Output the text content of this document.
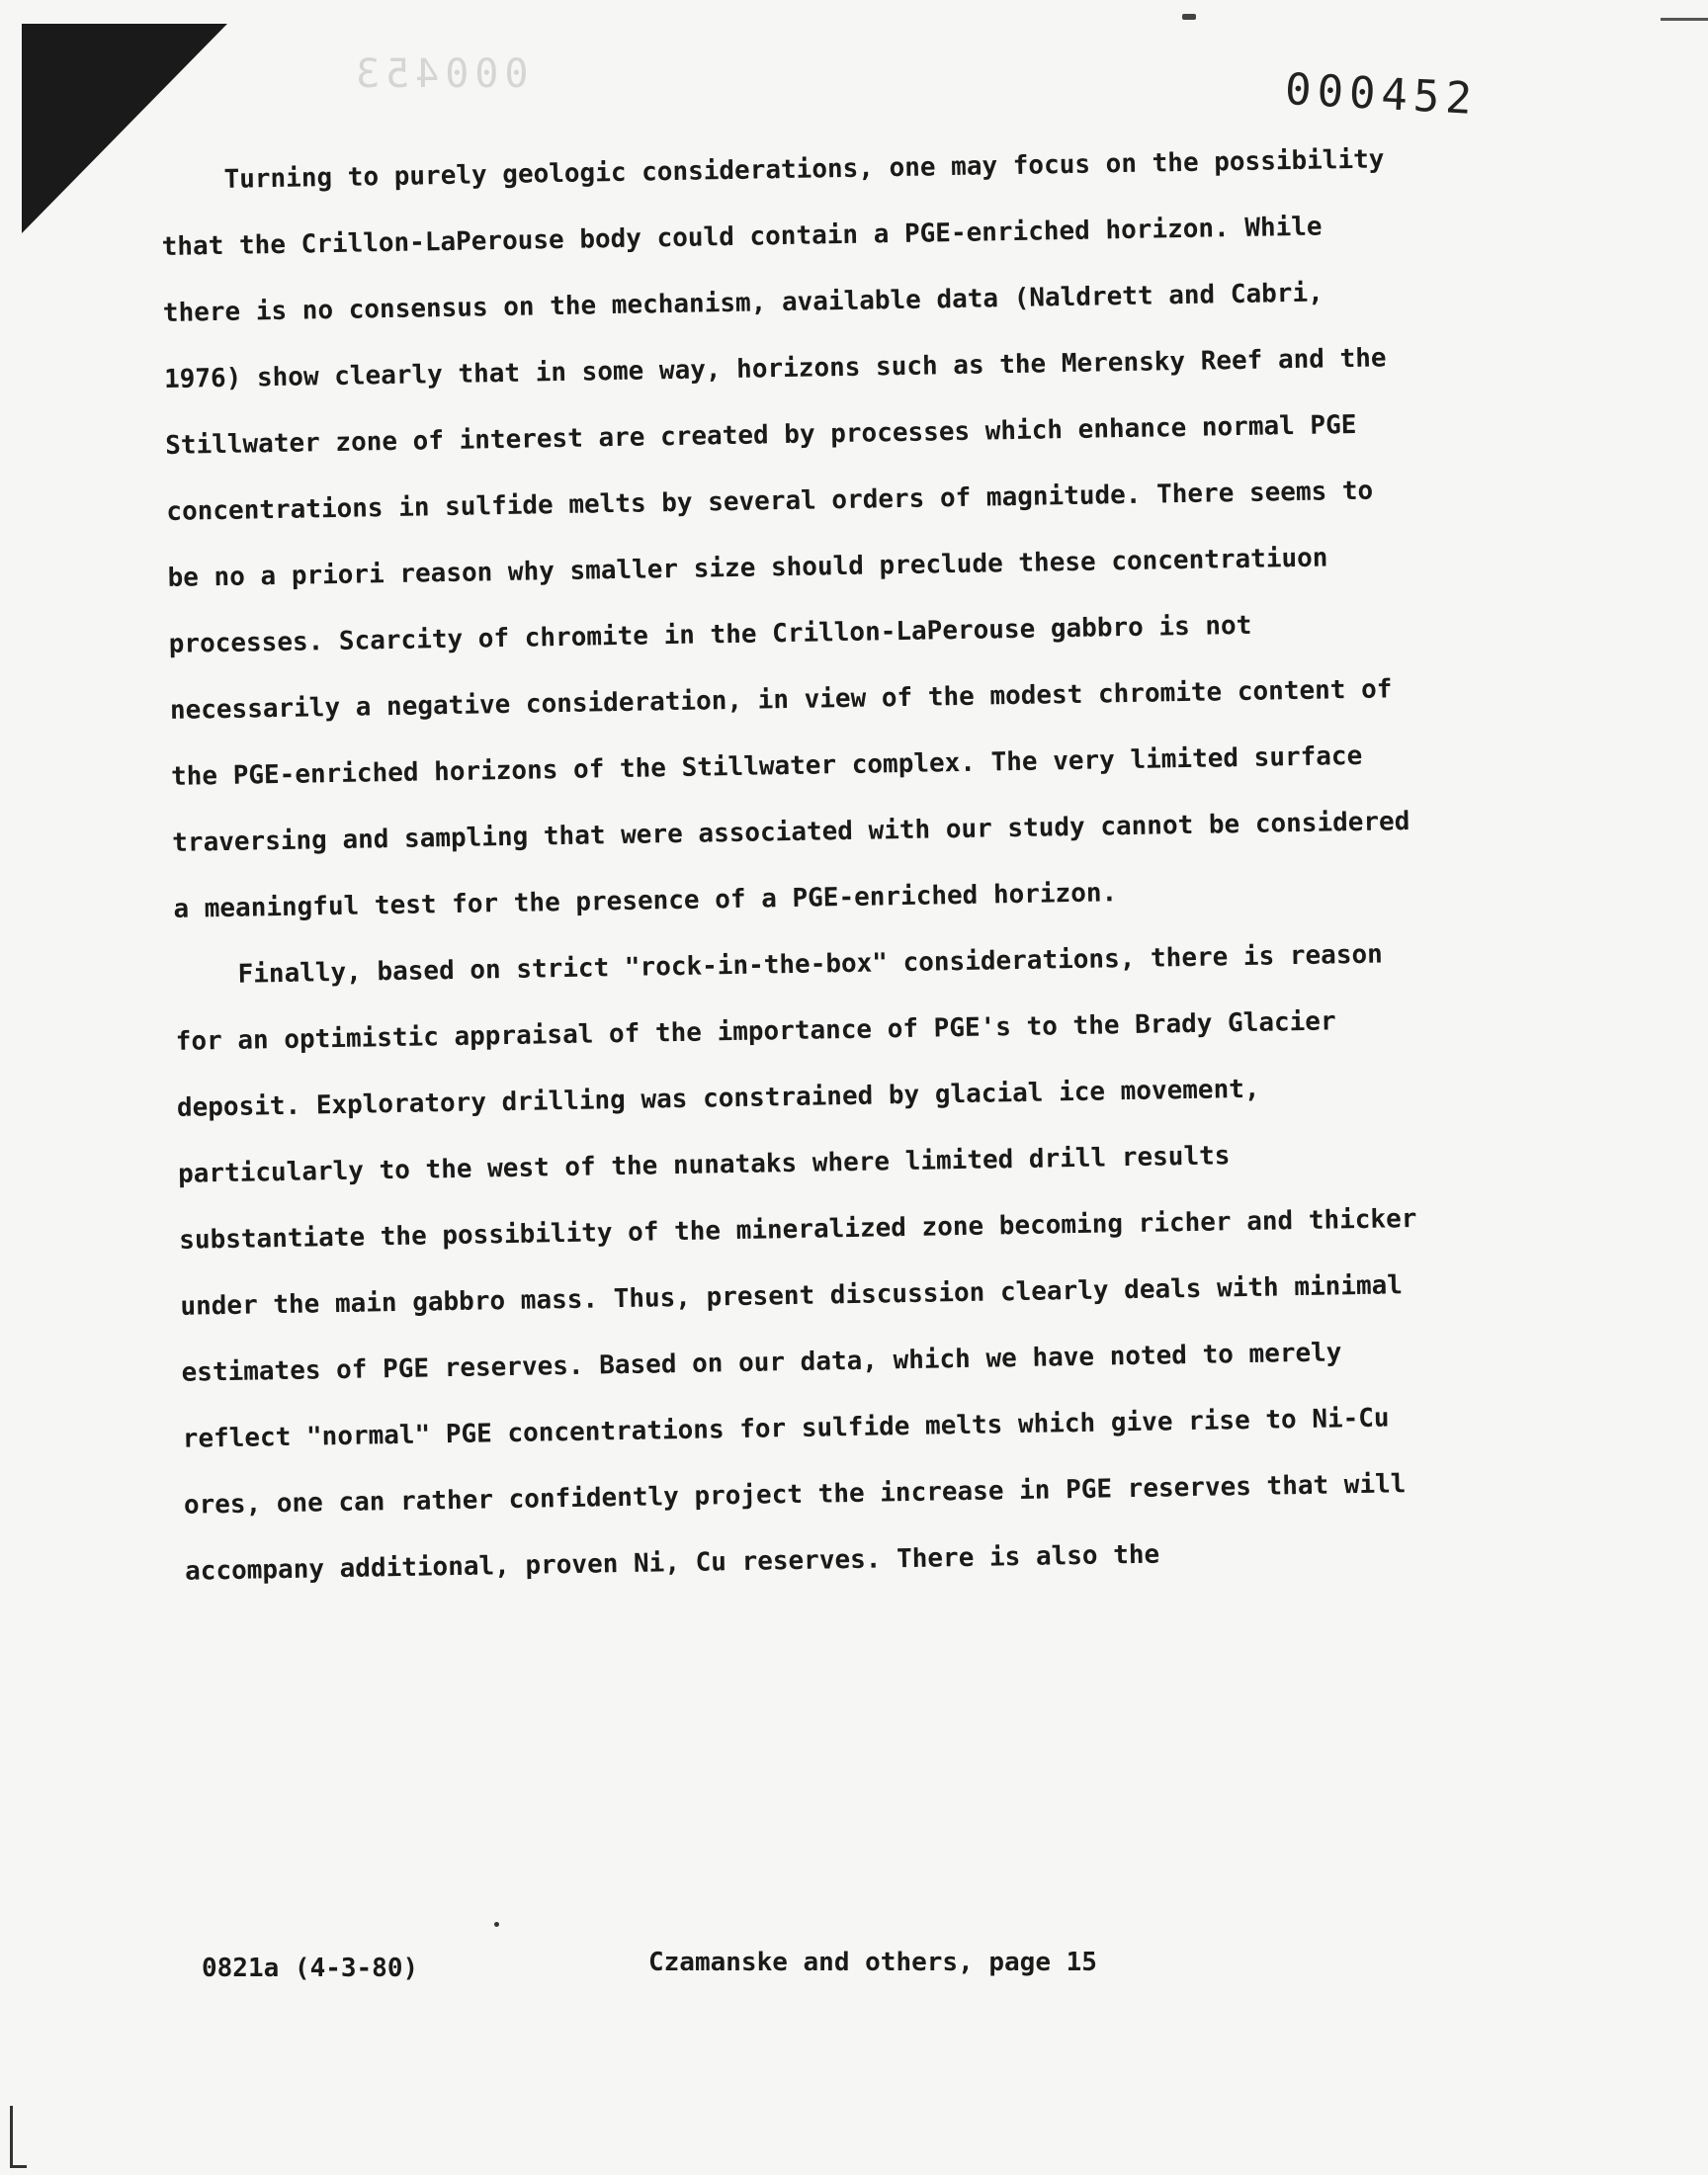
000453	000452

Turning to purely geologic considerations, one may focus on the possibility that the Crillon-LaPerouse body could contain a PGE-enriched horizon. While there is no consensus on the mechanism, available data (Naldrett and Cabri, 1976) show clearly that in some way, horizons such as the Merensky Reef and the Stillwater zone of interest are created by processes which enhance normal PGE concentrations in sulfide melts by several orders of magnitude. There seems to be no a priori reason why smaller size should preclude these concentratiuon processes. Scarcity of chromite in the Crillon-LaPerouse gabbro is not necessarily a negative consideration, in view of the modest chromite content of the PGE-enriched horizons of the Stillwater complex. The very limited surface traversing and sampling that were associated with our study cannot be considered a meaningful test for the presence of a PGE-enriched horizon.

Finally, based on strict "rock-in-the-box" considerations, there is reason for an optimistic appraisal of the importance of PGE's to the Brady Glacier deposit. Exploratory drilling was constrained by glacial ice movement, particularly to the west of the nunataks where limited drill results substantiate the possibility of the mineralized zone becoming richer and thicker under the main gabbro mass. Thus, present discussion clearly deals with minimal estimates of PGE reserves. Based on our data, which we have noted to merely reflect "normal" PGE concentrations for sulfide melts which give rise to Ni-Cu ores, one can rather confidently project the increase in PGE reserves that will accompany additional, proven Ni, Cu reserves. There is also the

0821a (4-3-80)	Czamanske and others, page 15
